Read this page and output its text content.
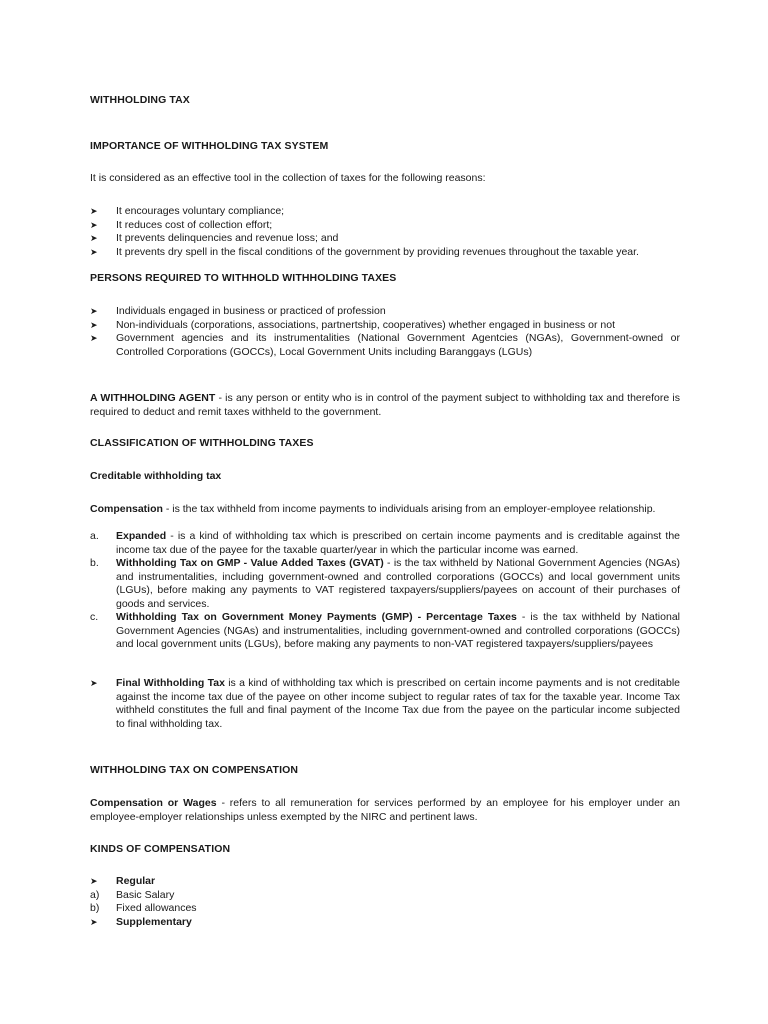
WITHHOLDING TAX
IMPORTANCE OF WITHHOLDING TAX SYSTEM
It is considered as an effective tool in the collection of taxes for the following reasons:
➤	It encourages voluntary compliance;
➤	It reduces cost of collection effort;
➤	It prevents delinquencies and revenue loss; and
➤	It prevents dry spell in the fiscal conditions of the government by providing revenues throughout the taxable year.
PERSONS REQUIRED TO WITHHOLD WITHHOLDING TAXES
➤	Individuals engaged in business or practiced of profession
➤	Non-individuals (corporations, associations, partnertship, cooperatives) whether engaged in business or not
➤	Government agencies and its instrumentalities (National Government Agentcies (NGAs), Government-owned or Controlled Corporations (GOCCs), Local Government Units including Baranggays (LGUs)
A WITHHOLDING AGENT - is any person or entity who is in control of the payment subject to withholding tax and therefore is required to deduct and remit taxes withheld to the government.
CLASSIFICATION OF WITHHOLDING TAXES
Creditable withholding tax
Compensation - is the tax withheld from income payments to individuals arising from an employer-employee relationship.
a.	Expanded - is a kind of withholding tax which is prescribed on certain income payments and is creditable against the income tax due of the payee for the taxable quarter/year in which the particular income was earned.
b.	Withholding Tax on GMP - Value Added Taxes (GVAT) - is the tax withheld by National Government Agencies (NGAs) and instrumentalities, including government-owned and controlled corporations (GOCCs) and local government units (LGUs), before making any payments to VAT registered taxpayers/suppliers/payees on account of their purchases of goods and services.
c.	Withholding Tax on Government Money Payments (GMP) - Percentage Taxes - is the tax withheld by National Government Agencies (NGAs) and instrumentalities, including government-owned and controlled corporations (GOCCs) and local government units (LGUs), before making any payments to non-VAT registered taxpayers/suppliers/payees
➤	Final Withholding Tax is a kind of withholding tax which is prescribed on certain income payments and is not creditable against the income tax due of the payee on other income subject to regular rates of tax for the taxable year. Income Tax withheld constitutes the full and final payment of the Income Tax due from the payee on the particular income subjected to final withholding tax.
WITHHOLDING TAX ON COMPENSATION
Compensation or Wages - refers to all remuneration for services performed by an employee for his employer under an employee-employer relationships unless exempted by the NIRC and pertinent laws.
KINDS OF COMPENSATION
➤	Regular
a)	Basic Salary
b)	Fixed allowances
➤	Supplementary
